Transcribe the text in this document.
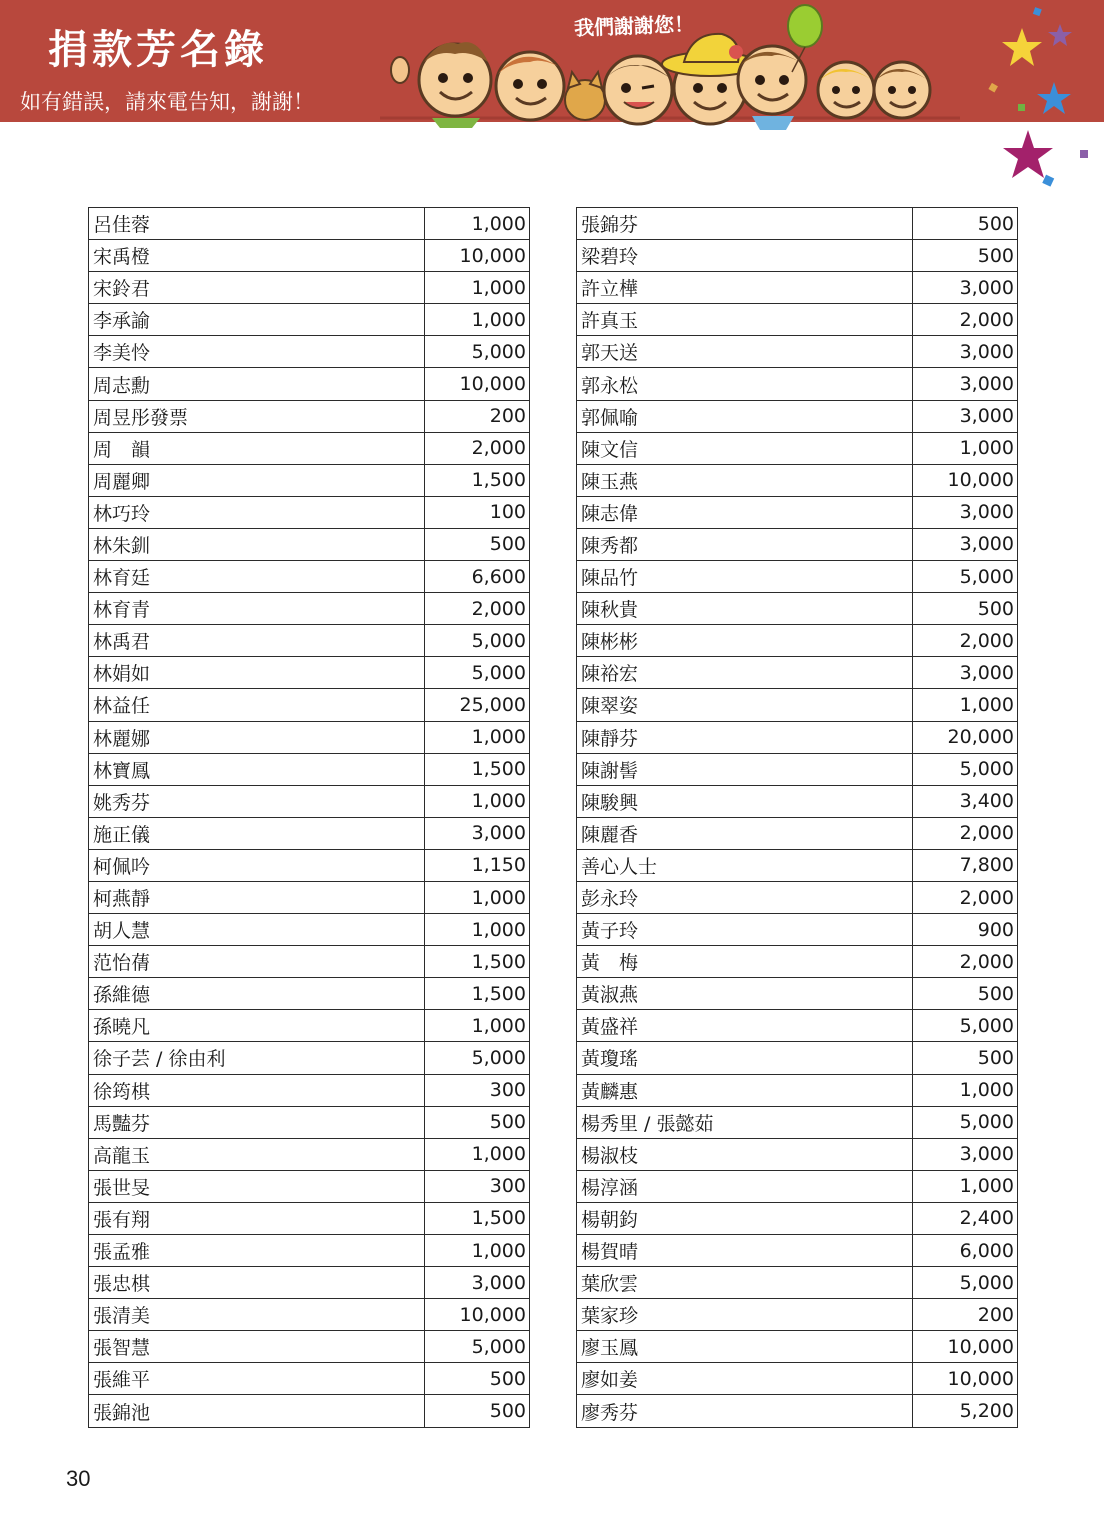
捐款芳名錄
如有錯誤，請來電告知，謝謝！
我們謝謝您！
呂佳蓉	1,000
宋禹橙	10,000
宋鈴君	1,000
李承諭	1,000
李美怜	5,000
周志勳	10,000
周昱彤發票	200
周　韻	2,000
周麗卿	1,500
林巧玲	100
林朱釧	500
林育廷	6,600
林育青	2,000
林禹君	5,000
林娟如	5,000
林益任	25,000
林麗娜	1,000
林寶鳳	1,500
姚秀芬	1,000
施正儀	3,000
柯佩吟	1,150
柯燕靜	1,000
胡人慧	1,000
范怡蒨	1,500
孫維德	1,500
孫曉凡	1,000
徐子芸 / 徐由利	5,000
徐筠棋	300
馬豔芬	500
高龍玉	1,000
張世旻	300
張有翔	1,500
張孟雅	1,000
張忠棋	3,000
張清美	10,000
張智慧	5,000
張維平	500
張錦池	500
張錦芬	500
梁碧玲	500
許立樺	3,000
許真玉	2,000
郭天送	3,000
郭永松	3,000
郭佩喻	3,000
陳文信	1,000
陳玉燕	10,000
陳志偉	3,000
陳秀都	3,000
陳品竹	5,000
陳秋貴	500
陳彬彬	2,000
陳裕宏	3,000
陳翠姿	1,000
陳靜芬	20,000
陳謝髻	5,000
陳駿興	3,400
陳麗香	2,000
善心人士	7,800
彭永玲	2,000
黃子玲	900
黃　梅	2,000
黃淑燕	500
黃盛祥	5,000
黃瓊瑤	500
黃麟惠	1,000
楊秀里 / 張懿茹	5,000
楊淑枝	3,000
楊淳涵	1,000
楊朝鈞	2,400
楊賀晴	6,000
葉欣雲	5,000
葉家珍	200
廖玉鳳	10,000
廖如姜	10,000
廖秀芬	5,200
30
